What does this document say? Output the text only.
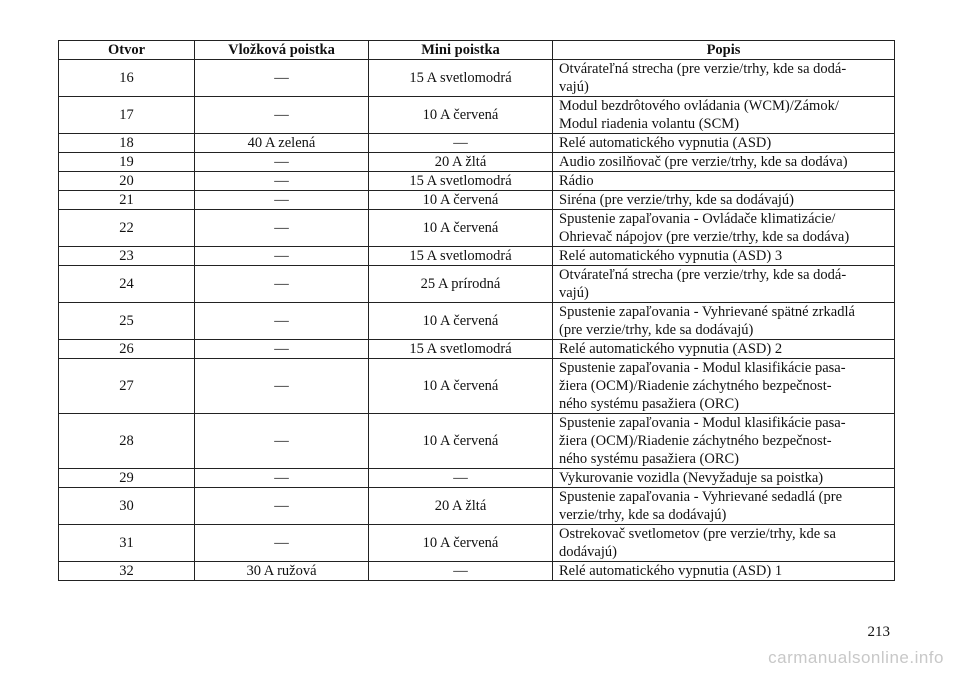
Otvor	Vložková poistka	Mini poistka	Popis
16	—	15 A svetlomodrá	Otvárateľná strecha (pre verzie/trhy, kde sa dodá-
vajú)
17	—	10 A červená	Modul bezdrôtového ovládania (WCM)/Zámok/
Modul riadenia volantu (SCM)
18	40 A zelená	—	Relé automatického vypnutia (ASD)
19	—	20 A žltá	Audio zosilňovač (pre verzie/trhy, kde sa dodáva)
20	—	15 A svetlomodrá	Rádio
21	—	10 A červená	Siréna (pre verzie/trhy, kde sa dodávajú)
22	—	10 A červená	Spustenie zapaľovania - Ovládače klimatizácie/
Ohrievač nápojov (pre verzie/trhy, kde sa dodáva)
23	—	15 A svetlomodrá	Relé automatického vypnutia (ASD) 3
24	—	25 A prírodná	Otvárateľná strecha (pre verzie/trhy, kde sa dodá-
vajú)
25	—	10 A červená	Spustenie zapaľovania - Vyhrievané spätné zrkadlá
(pre verzie/trhy, kde sa dodávajú)
26	—	15 A svetlomodrá	Relé automatického vypnutia (ASD) 2
27	—	10 A červená	Spustenie zapaľovania - Modul klasifikácie pasa-
žiera (OCM)/Riadenie záchytného bezpečnost-
ného systému pasažiera (ORC)
28	—	10 A červená	Spustenie zapaľovania - Modul klasifikácie pasa-
žiera (OCM)/Riadenie záchytného bezpečnost-
ného systému pasažiera (ORC)
29	—	—	Vykurovanie vozidla (Nevyžaduje sa poistka)
30	—	20 A žltá	Spustenie zapaľovania - Vyhrievané sedadlá (pre
verzie/trhy, kde sa dodávajú)
31	—	10 A červená	Ostrekovač svetlometov (pre verzie/trhy, kde sa
dodávajú)
32	30 A ružová	—	Relé automatického vypnutia (ASD) 1
213
carmanualsonline.info
